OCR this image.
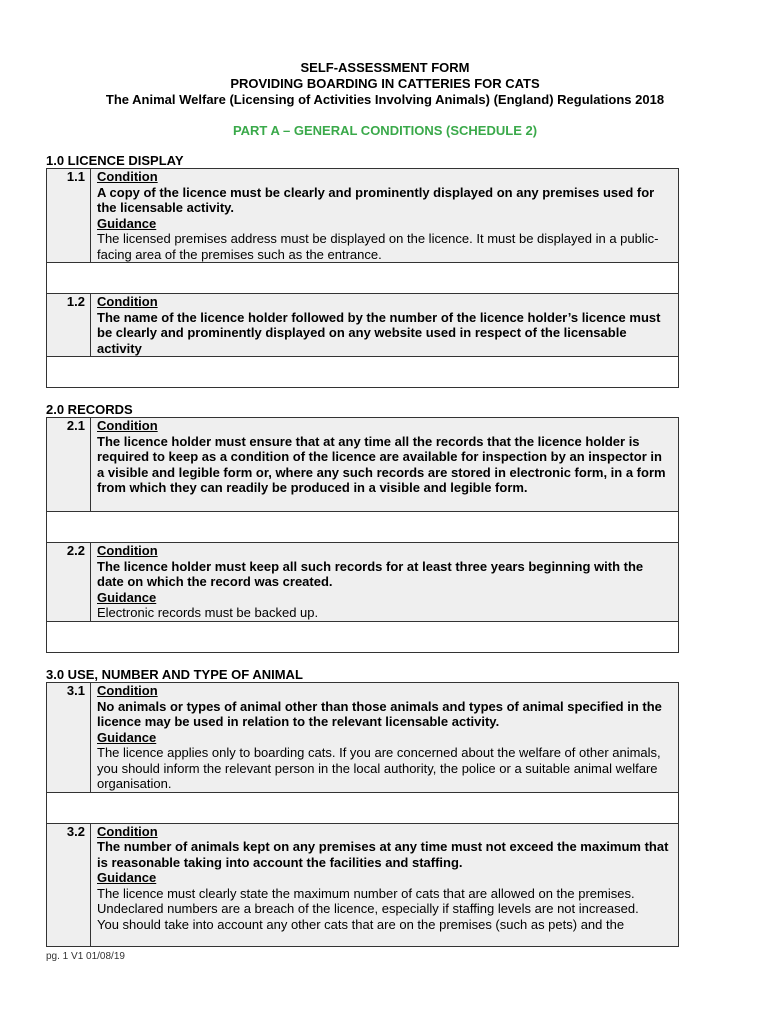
SELF-ASSESSMENT FORM
PROVIDING BOARDING IN CATTERIES FOR CATS
The Animal Welfare (Licensing of Activities Involving Animals) (England) Regulations 2018
PART A – GENERAL CONDITIONS (SCHEDULE 2)
1.0 LICENCE DISPLAY
1.1	Condition
A copy of the licence must be clearly and prominently displayed on any premises used for the licensable activity.
Guidance
The licensed premises address must be displayed on the licence. It must be displayed in a public-facing area of the premises such as the entrance.

1.2	Condition
The name of the licence holder followed by the number of the licence holder’s licence must be clearly and prominently displayed on any website used in respect of the licensable activity

2.0 RECORDS
2.1	Condition
The licence holder must ensure that at any time all the records that the licence holder is required to keep as a condition of the licence are available for inspection by an inspector in a visible and legible form or, where any such records are stored in electronic form, in a form from which they can readily be produced in a visible and legible form.

2.2	Condition
The licence holder must keep all such records for at least three years beginning with the date on which the record was created.
Guidance
Electronic records must be backed up.

3.0 USE, NUMBER AND TYPE OF ANIMAL
3.1	Condition
No animals or types of animal other than those animals and types of animal specified in the licence may be used in relation to the relevant licensable activity.
Guidance
The licence applies only to boarding cats. If you are concerned about the welfare of other animals, you should inform the relevant person in the local authority, the police or a suitable animal welfare organisation.

3.2	Condition
The number of animals kept on any premises at any time must not exceed the maximum that is reasonable taking into account the facilities and staffing.
Guidance
The licence must clearly state the maximum number of cats that are allowed on the premises. Undeclared numbers are a breach of the licence, especially if staffing levels are not increased.
You should take into account any other cats that are on the premises (such as pets) and the
pg. 1 V1 01/08/19
